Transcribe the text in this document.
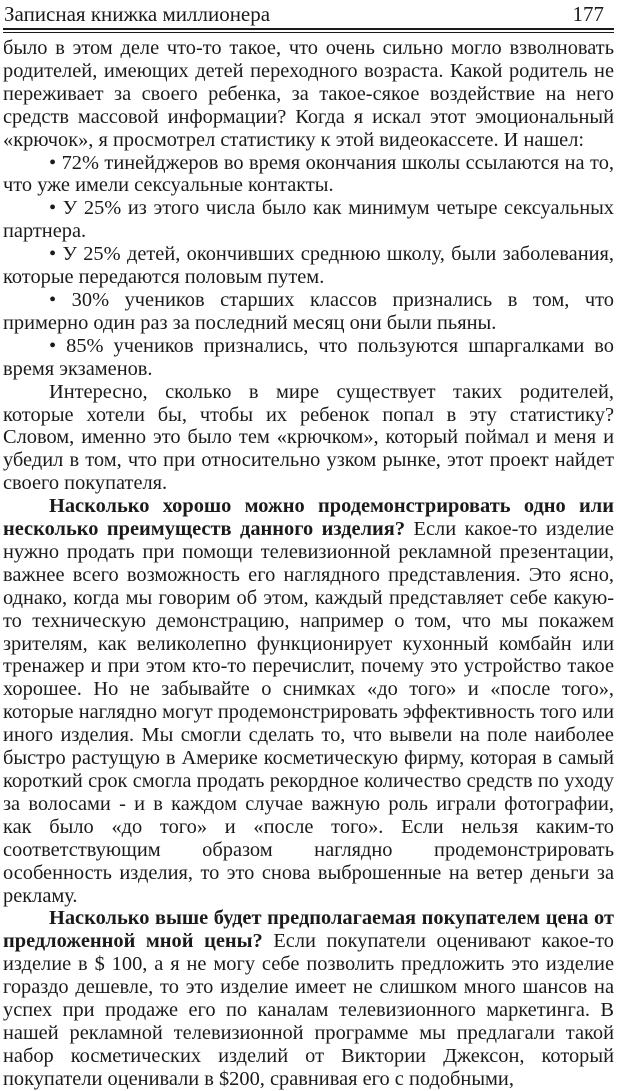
Записная книжка миллионера	177

было в этом деле что-то такое, что очень сильно могло взволновать родителей, имеющих детей переходного возраста. Какой родитель не переживает за своего ребенка, за такое-сякое воздействие на него средств массовой информации? Когда я искал этот эмоциональный «крючок», я просмотрел статистику к этой видеокассете. И нашел:

• 72% тинейджеров во время окончания школы ссылаются на то, что уже имели сексуальные контакты.

• У 25% из этого числа было как минимум четыре сексуальных партнера.

• У 25% детей, окончивших среднюю школу, были заболевания, которые передаются половым путем.

• 30% учеников старших классов признались в том, что примерно один раз за последний месяц они были пьяны.

• 85% учеников признались, что пользуются шпаргалками во время экзаменов.

Интересно, сколько в мире существует таких родителей, которые хотели бы, чтобы их ребенок попал в эту статистику? Словом, именно это было тем «крючком», который поймал и меня и убедил в том, что при относительно узком рынке, этот проект найдет своего покупателя.

Насколько хорошо можно продемонстрировать одно или несколько преимуществ данного изделия? Если какое-то изделие нужно продать при помощи телевизионной рекламной презентации, важнее всего возможность его наглядного представления. Это ясно, однако, когда мы говорим об этом, каждый представляет себе какую-то техническую демонстрацию, например о том, что мы покажем зрителям, как великолепно функционирует кухонный комбайн или тренажер и при этом кто-то перечислит, почему это устройство такое хорошее. Но не забывайте о снимках «до того» и «после того», которые наглядно могут продемонстрировать эффективность того или иного изделия. Мы смогли сделать то, что вывели на поле наиболее быстро растущую в Америке косметическую фирму, которая в самый короткий срок смогла продать рекордное количество средств по уходу за волосами - и в каждом случае важную роль играли фотографии, как было «до того» и «после того». Если нельзя каким-то соответствующим образом наглядно продемонстрировать особенность изделия, то это снова выброшенные на ветер деньги за рекламу.

Насколько выше будет предполагаемая покупателем цена от предложенной мной цены? Если покупатели оценивают какое-то изделие в $ 100, а я не могу себе позволить предложить это изделие гораздо дешевле, то это изделие имеет не слишком много шансов на успех при продаже его по каналам телевизионного маркетинга. В нашей рекламной телевизионной программе мы предлагали такой набор косметических изделий от Виктории Джексон, который покупатели оценивали в $200, сравнивая его с подобными,
